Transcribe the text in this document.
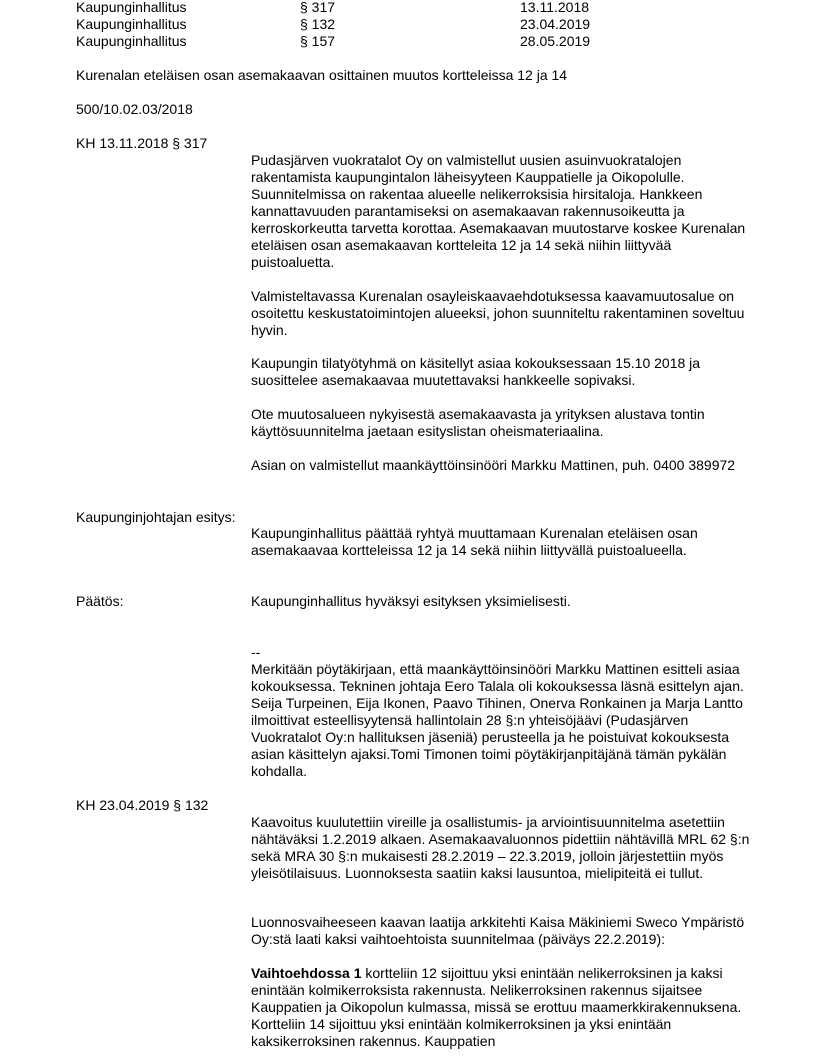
Kaupunginhallitus	§ 317	13.11.2018
Kaupunginhallitus	§ 132	23.04.2019
Kaupunginhallitus	§ 157	28.05.2019
Kurenalan eteläisen osan asemakaavan osittainen muutos kortteleissa 12 ja 14
500/10.02.03/2018
KH 13.11.2018 § 317

Pudasjärven vuokratalot Oy on valmistellut uusien asuinvuokratalojen rakentamista kaupungintalon läheisyyteen Kauppatielle ja Oikopolulle. Suunnitelmissa on rakentaa alueelle nelikerroksisia hirsitaloja. Hankkeen kannattavuuden parantamiseksi on asemakaavan rakennusoikeutta ja kerroskorkeutta tarvetta korottaa. Asemakaavan muutostarve koskee Kurenalan eteläisen osan asemakaavan kortteleita 12 ja 14 sekä niihin liittyvää puistoaluetta.

Valmisteltavassa Kurenalan osayleiskaavaehdotuksessa kaavamuutosalue on osoitettu keskustatoimintojen alueeksi, johon suunniteltu rakentaminen soveltuu hyvin.

Kaupungin tilatyötyhmä on käsitellyt asiaa kokouksessaan 15.10 2018 ja suosittelee asemakaavaa muutettavaksi hankkeelle sopivaksi.

Ote muutosalueen nykyisestä asemakaavasta ja yrityksen alustava tontin käyttösuunnitelma jaetaan esityslistan oheismateriaalina.

Asian on valmistellut maankäyttöinsinööri Markku Mattinen, puh. 0400 389972

Kaupunginjohtajan esitys:

Kaupunginhallitus päättää ryhtyä muuttamaan Kurenalan eteläisen osan asemakaavaa kortteleissa 12 ja 14 sekä niihin liittyvällä puistoalueella.

Päätös:	Kaupunginhallitus hyväksyi esityksen yksimielisesti.

--

Merkitään pöytäkirjaan, että maankäyttöinsinööri Markku Mattinen esitteli asiaa kokouksessa. Tekninen johtaja Eero Talala oli kokouksessa läsnä esittelyn ajan.

Seija Turpeinen, Eija Ikonen, Paavo Tihinen, Onerva Ronkainen ja Marja Lantto ilmoittivat esteellisyytensä hallintolain 28 §:n yhteisöjäävi (Pudasjärven Vuokratalot Oy:n hallituksen jäseniä) perusteella ja he poistuivat kokouksesta asian käsittelyn ajaksi.Tomi Timonen toimi pöytäkirjanpitäjänä tämän pykälän kohdalla.

KH 23.04.2019 § 132

Kaavoitus kuulutettiin vireille ja osallistumis- ja arviointisuunnitelma asetettiin nähtäväksi 1.2.2019 alkaen. Asemakaavaluonnos pidettiin nähtävillä MRL 62 §:n sekä MRA 30 §:n mukaisesti 28.2.2019 – 22.3.2019, jolloin järjestettiin myös yleisötilaisuus. Luonnoksesta saatiin kaksi lausuntoa, mielipiteitä ei tullut.

Luonnosvaiheeseen kaavan laatija arkkitehti Kaisa Mäkiniemi Sweco Ympäristö Oy:stä laati kaksi vaihtoehtoista suunnitelmaa (päiväys 22.2.2019):

Vaihtoehdossa 1 kortteliin 12 sijoittuu yksi enintään nelikerroksinen ja kaksi enintään kolmikerroksista rakennusta. Nelikerroksinen rakennus sijaitsee Kauppatien ja Oikopolun kulmassa, missä se erottuu maamerkkirakennuksena. Kortteliin 14 sijoittuu yksi enintään kolmikerroksinen ja yksi enintään kaksikerroksinen rakennus. Kauppatien
